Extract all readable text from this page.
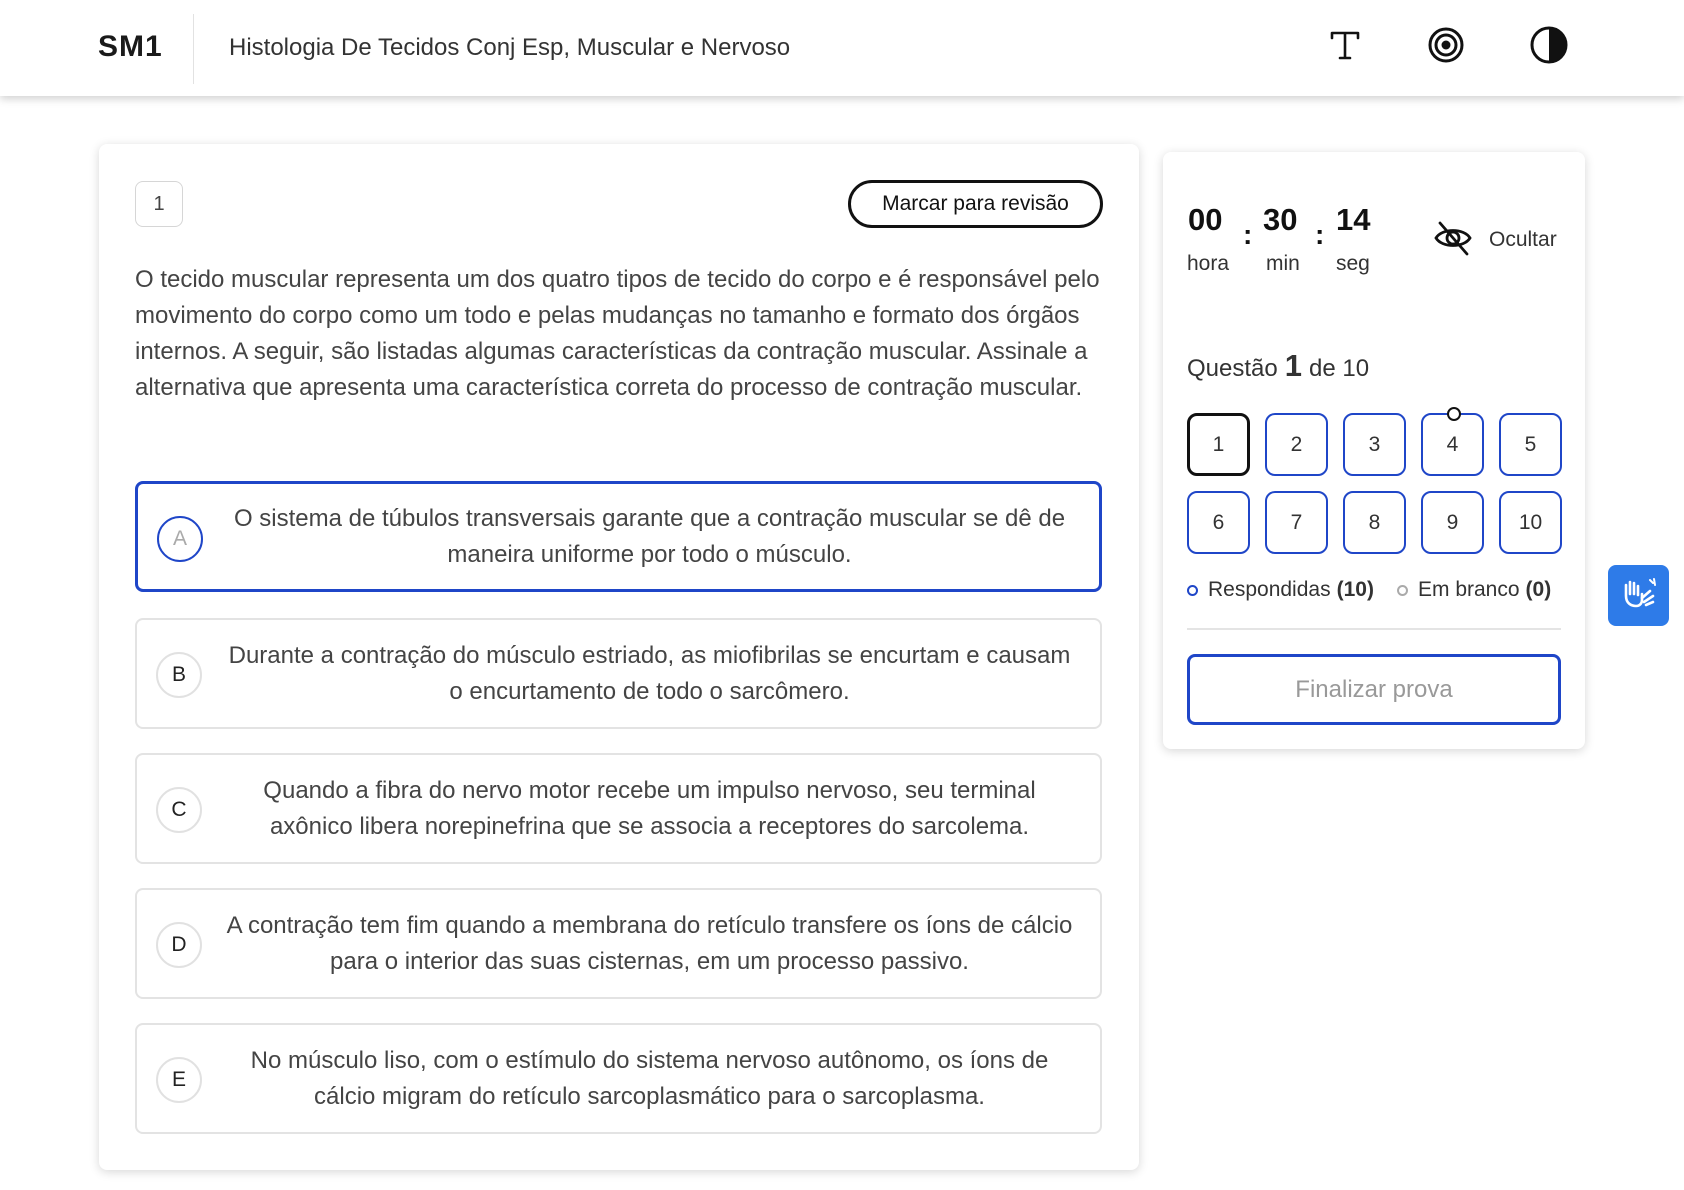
SM1	Histologia De Tecidos Conj Esp, Muscular e Nervoso
1	Marcar para revisão
O tecido muscular representa um dos quatro tipos de tecido do corpo e é responsável pelo movimento do corpo como um todo e pelas mudanças no tamanho e formato dos órgãos internos. A seguir, são listadas algumas características da contração muscular. Assinale a alternativa que apresenta uma característica correta do processo de contração muscular.
A
O sistema de túbulos transversais garante que a contração muscular se dê de maneira uniforme por todo o músculo.
B
Durante a contração do músculo estriado, as miofibrilas se encurtam e causam o encurtamento de todo o sarcômero.
C
Quando a fibra do nervo motor recebe um impulso nervoso, seu terminal axônico libera norepinefrina que se associa a receptores do sarcolema.
D
A contração tem fim quando a membrana do retículo transfere os íons de cálcio para o interior das suas cisternas, em um processo passivo.
E
No músculo liso, com o estímulo do sistema nervoso autônomo, os íons de cálcio migram do retículo sarcoplasmático para o sarcoplasma.
00 : 30 : 14
hora min seg
Ocultar
Questão 1 de 10
1	2	3	4	5
6	7	8	9	10
Respondidas (10) Em branco (0)
Finalizar prova
